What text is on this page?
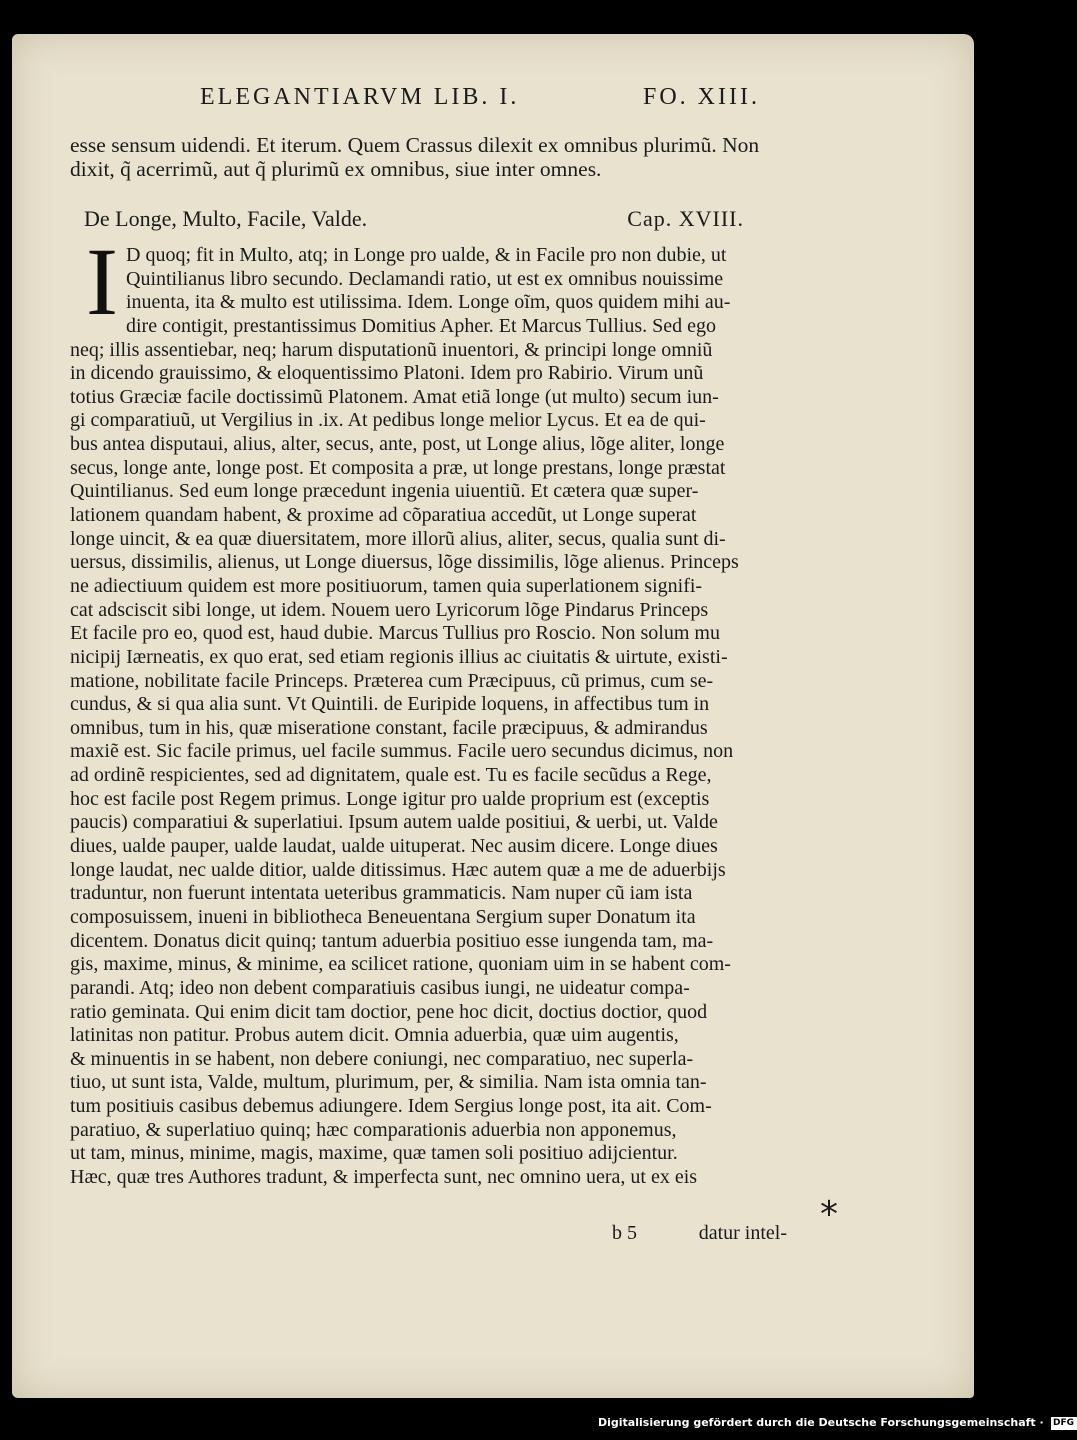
ELEGANTIARVM LIB. I.	FO. XIII.
esse sensum uidendi. Et iterum. Quem Crassus dilexit ex omnibus plurimũ. Non
dixit, q̃ acerrimũ, aut q̃ plurimũ ex omnibus, siue inter omnes.
De Longe, Multo, Facile, Valde.	Cap. XVIII.
I D quoq; fit in Multo, atq; in Longe pro ualde, & in Facile pro non dubie, ut
Quintilianus libro secundo. Declamandi ratio, ut est ex omnibus nouissime
inuenta, ita & multo est utilissima. Idem. Longe oĩm, quos quidem mihi au-
dire contigit, prestantissimus Domitius Apher. Et Marcus Tullius. Sed ego
neq; illis assentiebar, neq; harum disputationũ inuentori, & principi longe omniũ
in dicendo grauissimo, & eloquentissimo Platoni. Idem pro Rabirio. Virum unũ
totius Græciæ facile doctissimũ Platonem. Amat etiã longe (ut multo) secum iun-
gi comparatiuũ, ut Vergilius in .ix. At pedibus longe melior Lycus. Et ea de qui-
bus antea disputaui, alius, alter, secus, ante, post, ut Longe alius, lõge aliter, longe
secus, longe ante, longe post. Et composita a præ, ut longe prestans, longe præstat
Quintilianus. Sed eum longe præcedunt ingenia uiuentiũ. Et cætera quæ super-
lationem quandam habent, & proxime ad cõparatiua accedũt, ut Longe superat
longe uincit, & ea quæ diuersitatem, more illorũ alius, aliter, secus, qualia sunt di-
uersus, dissimilis, alienus, ut Longe diuersus, lõge dissimilis, lõge alienus. Princeps
ne adiectiuum quidem est more positiuorum, tamen quia superlationem signifi-
cat adsciscit sibi longe, ut idem. Nouem uero Lyricorum lõge Pindarus Princeps
Et facile pro eo, quod est, haud dubie. Marcus Tullius pro Roscio. Non solum mu
nicipij Iærneatis, ex quo erat, sed etiam regionis illius ac ciuitatis & uirtute, existi-
matione, nobilitate facile Princeps. Præterea cum Præcipuus, cũ primus, cum se-
cundus, & si qua alia sunt. Vt Quintili. de Euripide loquens, in affectibus tum in
omnibus, tum in his, quæ miseratione constant, facile præcipuus, & admirandus
maxiẽ est. Sic facile primus, uel facile summus. Facile uero secundus dicimus, non
ad ordinẽ respicientes, sed ad dignitatem, quale est. Tu es facile secũdus a Rege,
hoc est facile post Regem primus. Longe igitur pro ualde proprium est (exceptis
paucis) comparatiui & superlatiui. Ipsum autem ualde positiui, & uerbi, ut. Valde
diues, ualde pauper, ualde laudat, ualde uituperat. Nec ausim dicere. Longe diues
longe laudat, nec ualde ditior, ualde ditissimus. Hæc autem quæ a me de aduerbijs
traduntur, non fuerunt intentata ueteribus grammaticis. Nam nuper cũ iam ista
composuissem, inueni in bibliotheca Beneuentana Sergium super Donatum ita
dicentem. Donatus dicit quinq; tantum aduerbia positiuo esse iungenda tam, ma-
gis, maxime, minus, & minime, ea scilicet ratione, quoniam uim in se habent com-
parandi. Atq; ideo non debent comparatiuis casibus iungi, ne uideatur compa-
ratio geminata. Qui enim dicit tam doctior, pene hoc dicit, doctius doctior, quod
latinitas non patitur. Probus autem dicit. Omnia aduerbia, quæ uim augentis,
& minuentis in se habent, non debere coniungi, nec comparatiuo, nec superla-
tiuo, ut sunt ista, Valde, multum, plurimum, per, & similia. Nam ista omnia tan-
tum positiuis casibus debemus adiungere. Idem Sergius longe post, ita ait. Com-
paratiuo, & superlatiuo quinq; hæc comparationis aduerbia non apponemus,
ut tam, minus, minime, magis, maxime, quæ tamen soli positiuo adijcientur.
Hæc, quæ tres Authores tradunt, & imperfecta sunt, nec omnino uera, ut ex eis
*
b 5	datur intel-
Digitalisierung gefördert durch die Deutsche Forschungsgemeinschaft · DFG
